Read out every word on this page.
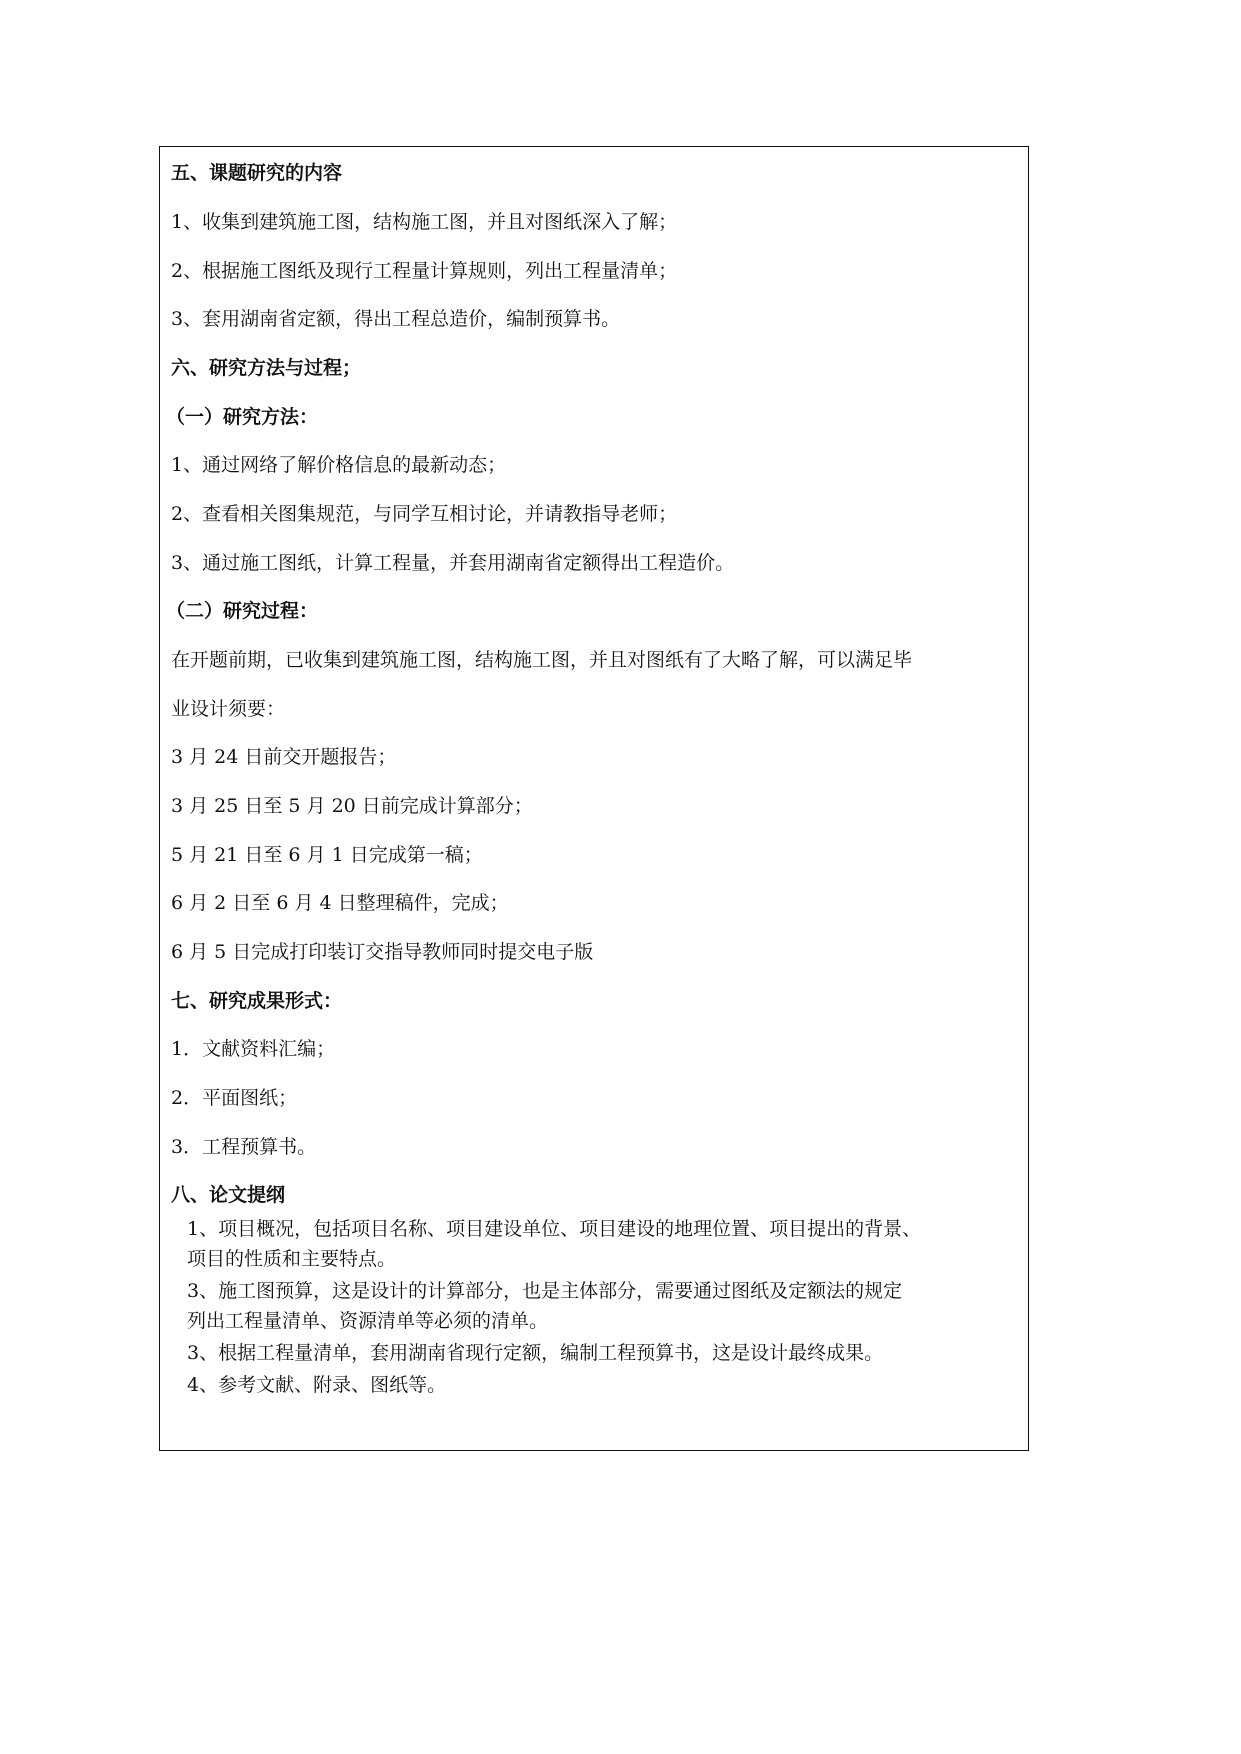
五、课题研究的内容
1、收集到建筑施工图，结构施工图，并且对图纸深入了解；
2、根据施工图纸及现行工程量计算规则，列出工程量清单；
3、套用湖南省定额，得出工程总造价，编制预算书。
六、研究方法与过程；
（一）研究方法：
1、通过网络了解价格信息的最新动态；
2、查看相关图集规范，与同学互相讨论，并请教指导老师；
3、通过施工图纸，计算工程量，并套用湖南省定额得出工程造价。
（二）研究过程：
在开题前期，已收集到建筑施工图，结构施工图，并且对图纸有了大略了解，可以满足毕
业设计须要：
3 月 24 日前交开题报告；
3 月 25 日至 5 月 20 日前完成计算部分；
5 月 21 日至 6 月 1 日完成第一稿；
6 月 2 日至 6 月 4 日整理稿件，完成；
6 月 5 日完成打印装订交指导教师同时提交电子版
七、研究成果形式：
1．文献资料汇编；
2．平面图纸；
3．工程预算书。
八、论文提纲
1、项目概况，包括项目名称、项目建设单位、项目建设的地理位置、项目提出的背景、
项目的性质和主要特点。
3、施工图预算，这是设计的计算部分，也是主体部分，需要通过图纸及定额法的规定
列出工程量清单、资源清单等必须的清单。
3、根据工程量清单，套用湖南省现行定额，编制工程预算书，这是设计最终成果。
4、参考文献、附录、图纸等。
